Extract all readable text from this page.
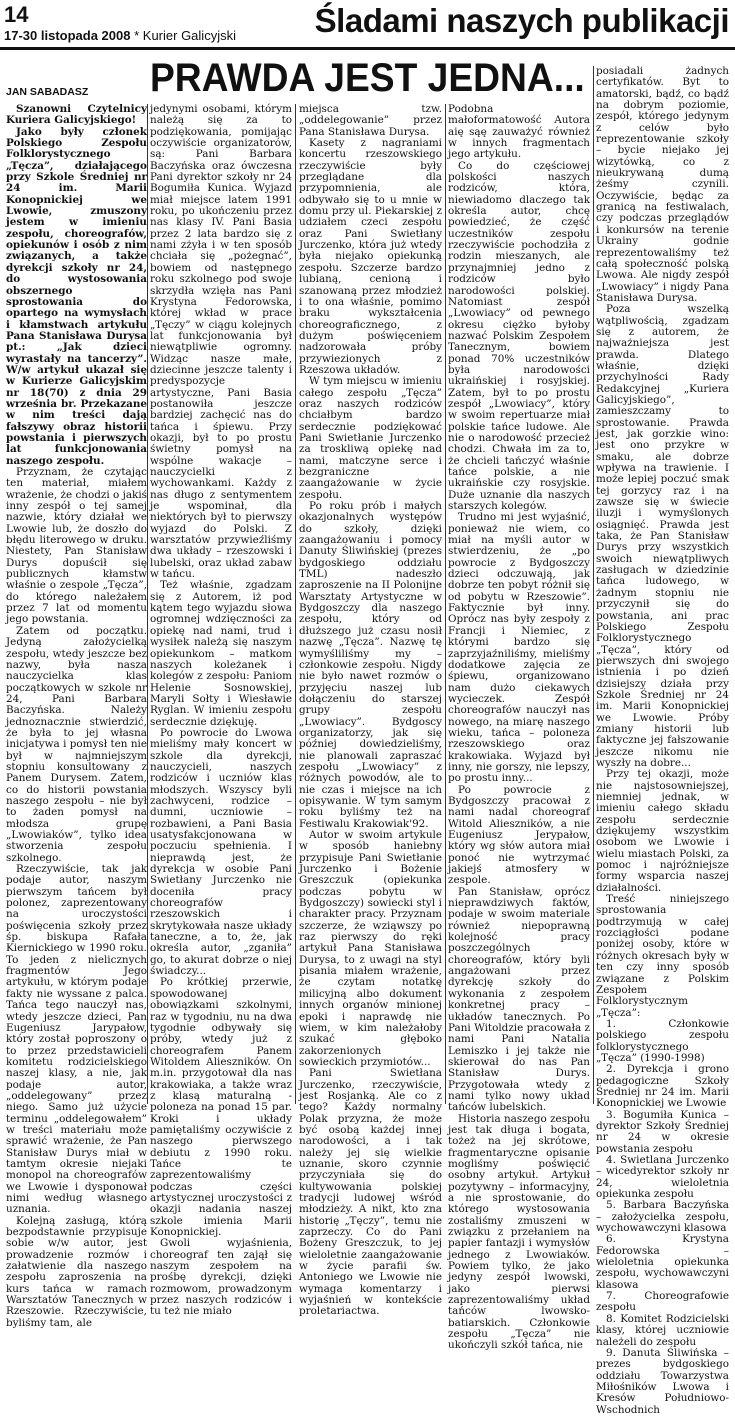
14
17-30 listopada 2008 * Kurier Galicyjski Śladami naszych publikacji
PRAWDA JEST JEDNA...
JAN SABADASZ

Szanowni Czytelnicy Kuriera Galicyjskiego!

Jako były członek Polskiego Zespołu Folklorystycznego „Tęcza”, działającego przy Szkole Średniej nr 24 im. Marii Konopnickiej we Lwowie, zmuszony jestem w imieniu zespołu, choreografów, opiekunów i osób z nim związanych, a także dyrekcji szkoły nr 24, do wystosowania obszernego sprostowania do opartego na wymysłach i kłamstwach artykułu Pana Stanisława Durysa pt.: „Jak dzieci wyrastały na tancerzy”. W/w artykuł ukazał się w Kurierze Galicyjskim nr 18(70) z dnia 29 września br. Przekazane w nim treści dają fałszywy obraz historii powstania i pierwszych lat funkcjonowania naszego zespołu.

Przyznam, że czytając ten materiał, miałem wrażenie, że chodzi o jakiś inny zespół o tej samej nazwie, który działał we Lwowie lub, że doszło do błędu literowego w druku. Niestety, Pan Stanisław Durys dopuścił się publicznych kłamstw właśnie o zespole „Tęcza”, do którego należałem przez 7 lat od momentu jego powstania.

Zatem od początku. Jedyną założycielką zespołu, wtedy jeszcze bez nazwy, była nasza nauczycielka klas początkowych w szkole nr 24, Pani Barbara Baczyńska. Należy jednoznacznie stwierdzić, że była to jej własna inicjatywa i pomysł ten nie był w najmniejszym stopniu konsultowany z Panem Durysem. Zatem, co do historii powstania naszego zespołu – nie był to żaden pomysł na młodsza grupę „Lwowiaków”, tylko idea stworzenia zespołu szkolnego.

Rzeczywiście, tak jak podaje autor, naszym pierwszym tańcem był polonez, zaprezentowany na uroczystości poświęcenia szkoły przez śp. biskupa Rafała Kiernickiego w 1990 roku. To jeden z nielicznych fragmentów Jego artykułu, w którym podaje fakty nie wyssane z palca. Tańca tego nauczył nas, wtedy jeszcze dzieci, Pan Eugeniusz Jarypałow, który został poproszony o to przez przedstawicieli komitetu rodzicielskiego naszej klasy, a nie, jak podaje autor, „oddelegowany” przez niego. Samo już użycie terminu „oddelegowałem” w treści materiału może sprawić wrażenie, że Pan Stanisław Durys miał w tamtym okresie niejaki monopol na choreografów we Lwowie i dysponował nimi według własnego uznania.

Kolejną zasługą, którą bezpodstawnie przypisuje sobie w/w autor, jest prowadzenie rozmów i załatwienie dla naszego zespołu zaproszenia na kurs tańca w ramach Warsztatów Tanecznych w Rzeszowie. Rzeczywiście, byliśmy tam, ale

jedynymi osobami, którym należą się za to podziękowania, pomijając oczywiście organizatorów, są: Pani Barbara Baczyńska oraz ówczesna Pani dyrektor szkoły nr 24 Bogumiła Kunica. Wyjazd miał miejsce latem 1991 roku, po ukończeniu przez nas klasy IV. Pani Basia przez 2 lata bardzo się z nami zżyła i w ten sposób chciała się „pożegnać”, bowiem od następnego roku szkolnego pod swoje skrzydła wzięła nas Pani Krystyna Fedorowska, której wkład w prace „Tęczy” w ciągu kolejnych lat funkcjonowania był niewątpliwie ogromny. Widząc nasze małe, dziecinne jeszcze talenty i predyspozycje artystyczne, Pani Basia postanowiła jeszcze bardziej zachęcić nas do tańca i śpiewu. Przy okazji, był to po prostu świetny pomysł na wspólne wakacje – nauczycielki z wychowankami. Każdy z nas długo z sentymentem je wspominał, dla niektórych był to pierwszy wyjazd do Polski. Z warsztatów przywieźliśmy dwa układy – rzeszowski i lubelski, oraz układ zabaw w tańcu.

Też właśnie, zgadzam się z Autorem, iż pod kątem tego wyjazdu słowa ogromnej wdzięczności za opiekę nad nami, trud i wysiłek należą się naszym opiekunkom – matkom naszych koleżanek i kolegów z zespołu: Paniom Helenie Sosnowskiej, Maryli Sołty i Wiesławie Ryglan. W imieniu zespołu serdecznie dziękuję.

Po powrocie do Lwowa mieliśmy mały koncert w szkole dla dyrekcji, nauczycieli, naszych rodziców i uczniów klas młodszych. Wszyscy byli zachwyceni, rodzice – dumni, uczniowie – rozbawieni, a Pani Basia usatysfakcjonowana w poczuciu spełnienia. I nieprawdą jest, że dyrekcja w osobie Pani Swietłany Jurczenko nie doceniła pracy choreografów rzeszowskich i skrytykowała nasze układy taneczne, a to, że, jak określa autor, „zganiła” go, to akurat dobrze o niej świadczy...

Po krótkiej przerwie, spowodowanej obowiązkami szkolnymi, raz w tygodniu, nu na dwa tygodnie odbywały się próby, wtedy już z choreografem Panem Witoldem Alieszników. On m.in. przygotował dla nas krakowiaka, a także wraz z klasą maturalną - poloneza na ponad 15 par. Kroki i układy pamiętaliśmy oczywiście z naszego pierwszego debiutu z 1990 roku. Tańce te zaprezentowaliśmy podczas części artystycznej uroczystości z okazji nadania naszej szkole imienia Marii Konopnickiej.

Gwoli wyjaśnienia, choreograf ten zajął się naszym zespołem na prośbę dyrekcji, dzięki rozmowom, prowadzonym przez naszych rodziców i tu też nie miało

miejsca tzw. „oddelegowanie” przez Pana Stanisława Durysa.

Kasety z nagraniami koncertu rzeszowskiego rzeczywiście były przeglądane dla przypomnienia, ale odbywało się to u mnie w domu przy ul. Piekarskiej z udziałem czeci zespołu oraz Pani Swietłany Jurczenko, która już wtedy była niejako opiekunką zespołu. Szczerze bardzo lubianą, cenioną i szanowaną przez młodzież i to ona właśnie, pomimo braku wykształcenia choreograficznego, z dużym poświęceniem nadzorowała próby przywiezionych z Rzeszowa układów.

W tym miejscu w imieniu całego zespołu „Tęcza” oraz naszych rodziców chciałbym bardzo serdecznie podziękować Pani Swietłanie Jurczenko za troskliwą opiekę nad nami, matczyne serce i bezgraniczne zaangażowanie w życie zespołu.

Po roku prób i małych okazjonalnych występów do szkoły, dzięki zaangażowaniu i pomocy Danuty Śliwińskiej (prezes bydgoskiego oddziału TML) nadeszło zaproszenie na II Polonijne Warsztaty Artystyczne w Bydgoszczy dla naszego zespołu, który od dłuższego już czasu nosił nazwę „Tęcza”. Nazwę tę wymyśliliśmy my – członkowie zespołu. Nigdy nie było nawet rozmów o przyjęciu naszej lub dołączeniu do starszej grupy zespołu „Lwowiacy”. Bydgoscy organizatorzy, jak się później dowiedzieliśmy, nie planowali zapraszać zespołu „Lwowiacy” z różnych powodów, ale to nie czas i miejsce na ich opisywanie. W tym samym roku byliśmy też na Festiwalu Krakowiak'92.

Autor w swoim artykule w sposób haniebny przypisuje Pani Swietłanie Jurczenko i Bożenie Greszczuk (opiekunka podczas pobytu w Bydgoszczy) sowiecki styl i charakter pracy. Przyznam szczerze, że wziąwszy po raz pierwszy do ręki artykuł Pana Stanisława Durysa, to z uwagi na styl pisania miałem wrażenie, że czytam notatkę milicyjną albo dokument innych organów minionej epoki i naprawdę nie wiem, w kim należałoby szukać głęboko zakorzenionych sowieckich przymiotów...

Pani Swietłana Jurczenko, rzeczywiście, jest Rosjanką. Ale co z tego? Każdy normalny Polak przyzna, że może być osobą każdej innej narodowości, a i tak należy jej się wielkie uznanie, skoro czynnie przyczyniała się do kultywowania polskiej tradycji ludowej wśród młodzieży. A nikt, kto zna historię „Tęczy”, temu nie zaprzeczy. Co do Pani Bożeny Greszczuk, to jej wieloletnie zaangażowanie w życie parafii św. Antoniego we Lwowie nie wymaga komentarzy i wyjaśnień w kontekście proletariactwa.

Podobna małoformatowość Autora aię sąę zauważyć również w innych fragmentach jego artykułu.

Co do częściowej polskości naszych rodziców, która, niewiadomo dlaczego tak określa autor, chcę powiedzieć, że część uczestników zespołu rzeczywiście pochodziła z rodzin mieszanych, ale przynajmniej jedno z rodziców było narodowości polskiej. Natomiast zespół „Lwowiacy” od pewnego okresu ciężko byłoby nazwać Polskim Zespołem Tanecznym, bowiem ponad 70% uczestników była narodowości ukraińskiej i rosyjskiej. Zatem, był to po prostu zespół „Lwowiacy”, który w swoim repertuarze miał polskie tańce ludowe. Ale nie o narodowość przecież chodzi. Chwała im za to, że chcieli tańczyć właśnie tańce polskie, a nie ukraińskie czy rosyjskie. Duże uznanie dla naszych starszych kolegów.

Trudno mi jest wyjaśnić, ponieważ nie wiem, co miał na myśli autor w stwierdzeniu, że „po powrocie z Bydgoszczy dzieci odczuwają, jak dobrze ten pobyt różnił się od pobytu w Rzeszowie”. Faktycznie był inny. Oprócz nas były zespoły z Francji i Niemiec, z którymi bardzo się zaprzyjaźniliśmy, mieliśmy dodatkowe zajęcia ze śpiewu, organizowano nam dużo ciekawych wycieczek. Zespół choreografów nauczył nas nowego, na miarę naszego wieku, tańca – poloneza rzeszowskiego oraz krakowiaka. Wyjazd był inny, nie gorszy, nie lepszy, po prostu inny...

Po powrocie z Bydgoszczy pracował z nami nadal choreograf Witold Alieszników, a nie Eugeniusz Jerypałow, który wg słów autora miał ponoć nie wytrzymać jakiejś atmosfery w zespole.

Pan Stanisław, oprócz nieprawdziwych faktów, podaje w swoim materiale również niepoprawną kolejność pracy poszczególnych choreografów, który byli angażowani przez dyrekcję szkoły do wykonania z zespołem konkretnej pracy – układów tanecznych. Po Pani Witoldzie pracowała z nami Pani Natalia Lemiszko i jej także nie skierował do nas Pan Stanisław Durys. Przygotowała wtedy z nami tylko nowy układ tańców lubelskich.

Historia naszego zespołu jest tak długa i bogata, tożeż na jej skrótowe, fragmentaryczne opisanie mogliśmy poświęcić osobny artykuł. Artykuł pozytywny – informacyjny, a nie sprostowanie, do którego wystosowania zostaliśmy zmuszeni w związku z przełaniem na papier fantazji i wymysłów jednego z Lwowiaków. Powiem tylko, że jako jedyny zespół lwowski, jako pierwsi zaprezentowaliśmy układ tańców lwowsko-batiarskich. Członkowie zespołu „Tęcza” nie ukończyli szkół tańca, nie

posiadali żadnych certyfikatów. Byt to amatorski, bądź, co bądź na dobrym poziomie, zespół, którego jedynym z celów było reprezentowanie szkoły – bycie niejako jej wizytówką, co z nieukrywaną dumą żeśmy czynili. Oczywiście, będąc za granicą na festiwalach, czy podczas przeglądów i konkursów na terenie Ukrainy godnie reprezentowaliśmy też całą społeczność polską Lwowa. Ale nigdy zespół „Lwowiacy” i nigdy Pana Stanisława Durysa.

Poza wszelką wątpliwością, zgadzam się z autorem, że najważniejsza jest prawda. Dlatego właśnie, dzięki przychylności Rady Redakcyjnej „Kuriera Galicyjskiego”, zamieszczamy to sprostowanie. Prawda jest, jak gorzkie wino: jest ono przykre w smaku, ale dobrze wpływa na trawienie. I może lepiej poczuć smak tej gorzycy raz i na zawsze się w świecie iluzji i wymyślonych osiągnięć. Prawda jest taka, że Pan Stanisław Durys przy wszystkich swoich niewątpliwych zasługach w dziedzinie tańca ludowego, w żadnym stopniu nie przyczynił się do powstania, ani prac Polskiego Zespołu Folklorystycznego „Tęcza”, który od pierwszych dni swojego istnienia i po dzień dzisiejszy działa przy Szkole Średniej nr 24 im. Marii Konopnickiej we Lwowie. Próby zmiany historii lub faktyczne jej fałszowanie jeszcze nikomu nie wyszły na dobre...

Przy tej okazji, może nie najstosowniejszej, niemniej jednak, w imieniu całego składu zespołu serdecznie dziękujemy wszystkim osobom we Lwowie i wielu miastach Polski, za pomoc i najróżniejsze formy wsparcia naszej działalności.

Treść niniejszego sprostowania podtrzymują w całej rozciągłości podane poniżej osoby, które w różnych okresach były w ten czy inny sposób związane z Polskim Zespołem Folklorystycznym „Tęcza”:

1. Członkowie polskiego zespołu folklorystycznego „Tęcza” (1990-1998)

2. Dyrekcja i grono pedagogiczne Szkoły Średniej nr 24 im. Marii Konopnickiej we Lwowie

3. Bogumiła Kunica – dyrektor Szkoły Średniej nr 24 w okresie powstania zespołu

4. Swietlana Jurczenko – wicedyrektor szkoły nr 24, wieloletnia opiekunka zespołu

5. Barbara Baczyńska – założycielka zespołu, wychowawczyni klasowa

6. Krystyna Fedorowska – wieloletnia opiekunka zespołu, wychowawczyni klasowa

7. Choreografowie zespołu

8. Komitet Rodzicielski klasy, której uczniowie należeli do zespołu

9. Danuta Śliwińska – prezes bydgoskiego oddziału Towarzystwa Miłośników Lwowa i Kresów Południowo-Wschodnich
